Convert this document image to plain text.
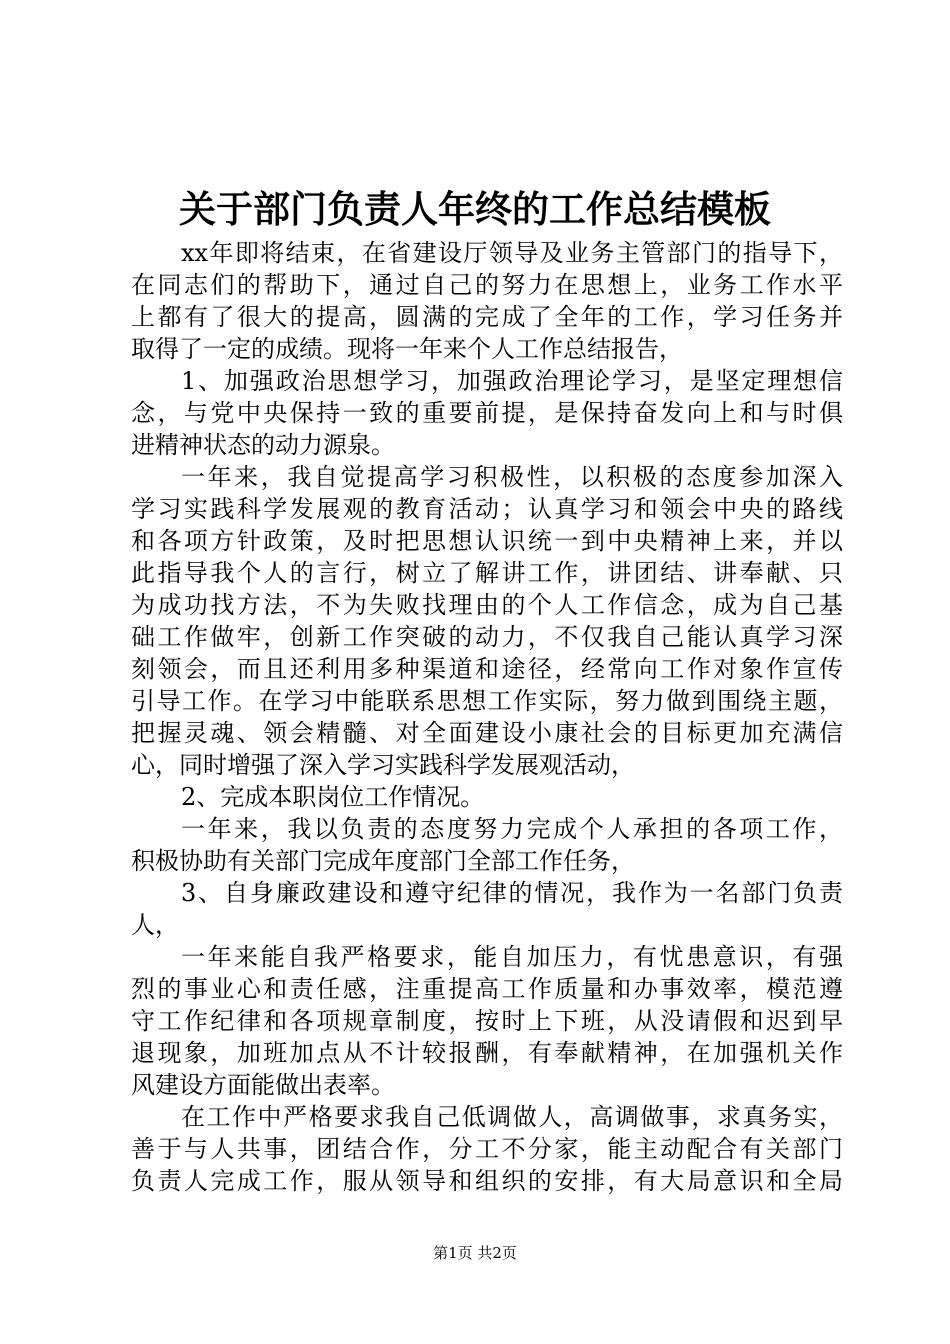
关于部门负责人年终的工作总结模板
xx年即将结束，在省建设厅领导及业务主管部门的指导下，
在同志们的帮助下，通过自己的努力在思想上，业务工作水平
上都有了很大的提高，圆满的完成了全年的工作，学习任务并
取得了一定的成绩。现将一年来个人工作总结报告，
1、加强政治思想学习，加强政治理论学习，是坚定理想信
念，与党中央保持一致的重要前提，是保持奋发向上和与时俱
进精神状态的动力源泉。
一年来，我自觉提高学习积极性，以积极的态度参加深入
学习实践科学发展观的教育活动；认真学习和领会中央的路线
和各项方针政策，及时把思想认识统一到中央精神上来，并以
此指导我个人的言行，树立了解讲工作，讲团结、讲奉献、只
为成功找方法，不为失败找理由的个人工作信念，成为自己基
础工作做牢，创新工作突破的动力，不仅我自己能认真学习深
刻领会，而且还利用多种渠道和途径，经常向工作对象作宣传
引导工作。在学习中能联系思想工作实际，努力做到围绕主题，
把握灵魂、领会精髓、对全面建设小康社会的目标更加充满信
心，同时增强了深入学习实践科学发展观活动，
2、完成本职岗位工作情况。
一年来，我以负责的态度努力完成个人承担的各项工作，
积极协助有关部门完成年度部门全部工作任务，
3、自身廉政建设和遵守纪律的情况，我作为一名部门负责
人，
一年来能自我严格要求，能自加压力，有忧患意识，有强
烈的事业心和责任感，注重提高工作质量和办事效率，模范遵
守工作纪律和各项规章制度，按时上下班，从没请假和迟到早
退现象，加班加点从不计较报酬，有奉献精神，在加强机关作
风建设方面能做出表率。
在工作中严格要求我自己低调做人，高调做事，求真务实，
善于与人共事，团结合作，分工不分家，能主动配合有关部门
负责人完成工作，服从领导和组织的安排，有大局意识和全局
第1页 共2页
